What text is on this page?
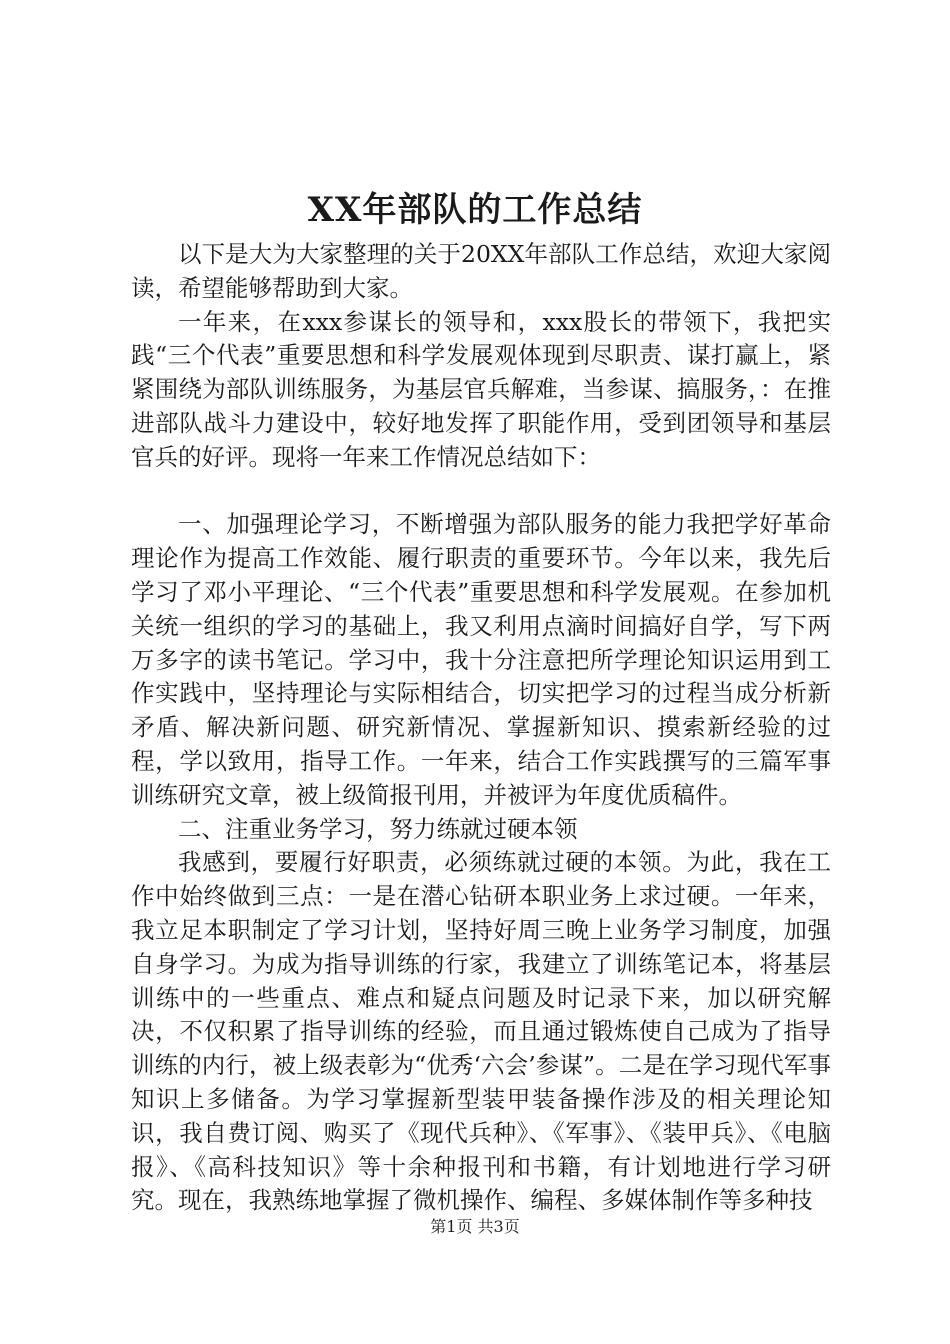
XX年部队的工作总结

以下是大为大家整理的关于20XX年部队工作总结，欢迎大家阅读，希望能够帮助到大家。

一年来，在xxx参谋长的领导和，xxx股长的带领下，我把实践“三个代表”重要思想和科学发展观体现到尽职责、谋打赢上，紧紧围绕为部队训练服务，为基层官兵解难，当参谋、搞服务，：在推进部队战斗力建设中，较好地发挥了职能作用，受到团领导和基层官兵的好评。现将一年来工作情况总结如下：

一、加强理论学习，不断增强为部队服务的能力我把学好革命理论作为提高工作效能、履行职责的重要环节。今年以来，我先后学习了邓小平理论、“三个代表”重要思想和科学发展观。在参加机关统一组织的学习的基础上，我又利用点滴时间搞好自学，写下两万多字的读书笔记。学习中，我十分注意把所学理论知识运用到工作实践中，坚持理论与实际相结合，切实把学习的过程当成分析新矛盾、解决新问题、研究新情况、掌握新知识、摸索新经验的过程，学以致用，指导工作。一年来，结合工作实践撰写的三篇军事训练研究文章，被上级简报刊用，并被评为年度优质稿件。

二、注重业务学习，努力练就过硬本领

我感到，要履行好职责，必须练就过硬的本领。为此，我在工作中始终做到三点：一是在潜心钻研本职业务上求过硬。一年来，我立足本职制定了学习计划，坚持好周三晚上业务学习制度，加强自身学习。为成为指导训练的行家，我建立了训练笔记本，将基层训练中的一些重点、难点和疑点问题及时记录下来，加以研究解决，不仅积累了指导训练的经验，而且通过锻炼使自己成为了指导训练的内行，被上级表彰为“优秀‘六会’参谋”。二是在学习现代军事知识上多储备。为学习掌握新型装甲装备操作涉及的相关理论知识，我自费订阅、购买了《现代兵种》、《军事》、《装甲兵》、《电脑报》、《高科技知识》等十余种报刊和书籍，有计划地进行学习研究。现在，我熟练地掌握了微机操作、编程、多媒体制作等多种技

第1页 共3页
